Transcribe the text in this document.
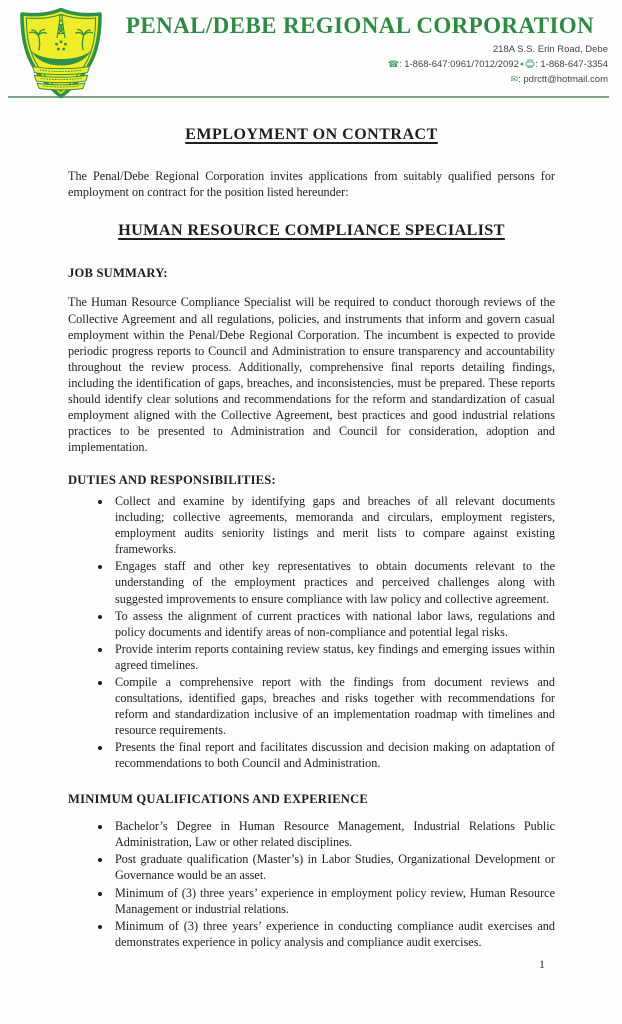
PENAL/DEBE REGIONAL CORPORATION
218A S.S. Erin Road, Debe
☎: 1-868-647:0961/7012/2092● : 1-868-647-3354
✉: pdrctt@hotmail.com
EMPLOYMENT ON CONTRACT

The Penal/Debe Regional Corporation invites applications from suitably qualified persons for employment on contract for the position listed hereunder:

HUMAN RESOURCE COMPLIANCE SPECIALIST
JOB SUMMARY:

The Human Resource Compliance Specialist will be required to conduct thorough reviews of the Collective Agreement and all regulations, policies, and instruments that inform and govern casual employment within the Penal/Debe Regional Corporation. The incumbent is expected to provide periodic progress reports to Council and Administration to ensure transparency and accountability throughout the review process. Additionally, comprehensive final reports detailing findings, including the identification of gaps, breaches, and inconsistencies, must be prepared. These reports should identify clear solutions and recommendations for the reform and standardization of casual employment aligned with the Collective Agreement, best practices and good industrial relations practices to be presented to Administration and Council for consideration, adoption and implementation.

DUTIES AND RESPONSIBILITIES:
• Collect and examine by identifying gaps and breaches of all relevant documents including; collective agreements, memoranda and circulars, employment registers, employment audits seniority listings and merit lists to compare against existing frameworks.
• Engages staff and other key representatives to obtain documents relevant to the understanding of the employment practices and perceived challenges along with suggested improvements to ensure compliance with law policy and collective agreement.
• To assess the alignment of current practices with national labor laws, regulations and policy documents and identify areas of non-compliance and potential legal risks.
• Provide interim reports containing review status, key findings and emerging issues within agreed timelines.
• Compile a comprehensive report with the findings from document reviews and consultations, identified gaps, breaches and risks together with recommendations for reform and standardization inclusive of an implementation roadmap with timelines and resource requirements.
• Presents the final report and facilitates discussion and decision making on adaptation of recommendations to both Council and Administration.
MINIMUM QUALIFICATIONS AND EXPERIENCE
• Bachelor’s Degree in Human Resource Management, Industrial Relations Public Administration, Law or other related disciplines.
• Post graduate qualification (Master’s) in Labor Studies, Organizational Development or Governance would be an asset.
• Minimum of (3) three years’ experience in employment policy review, Human Resource Management or industrial relations.
• Minimum of (3) three years’ experience in conducting compliance audit exercises and demonstrates experience in policy analysis and compliance audit exercises.
1
